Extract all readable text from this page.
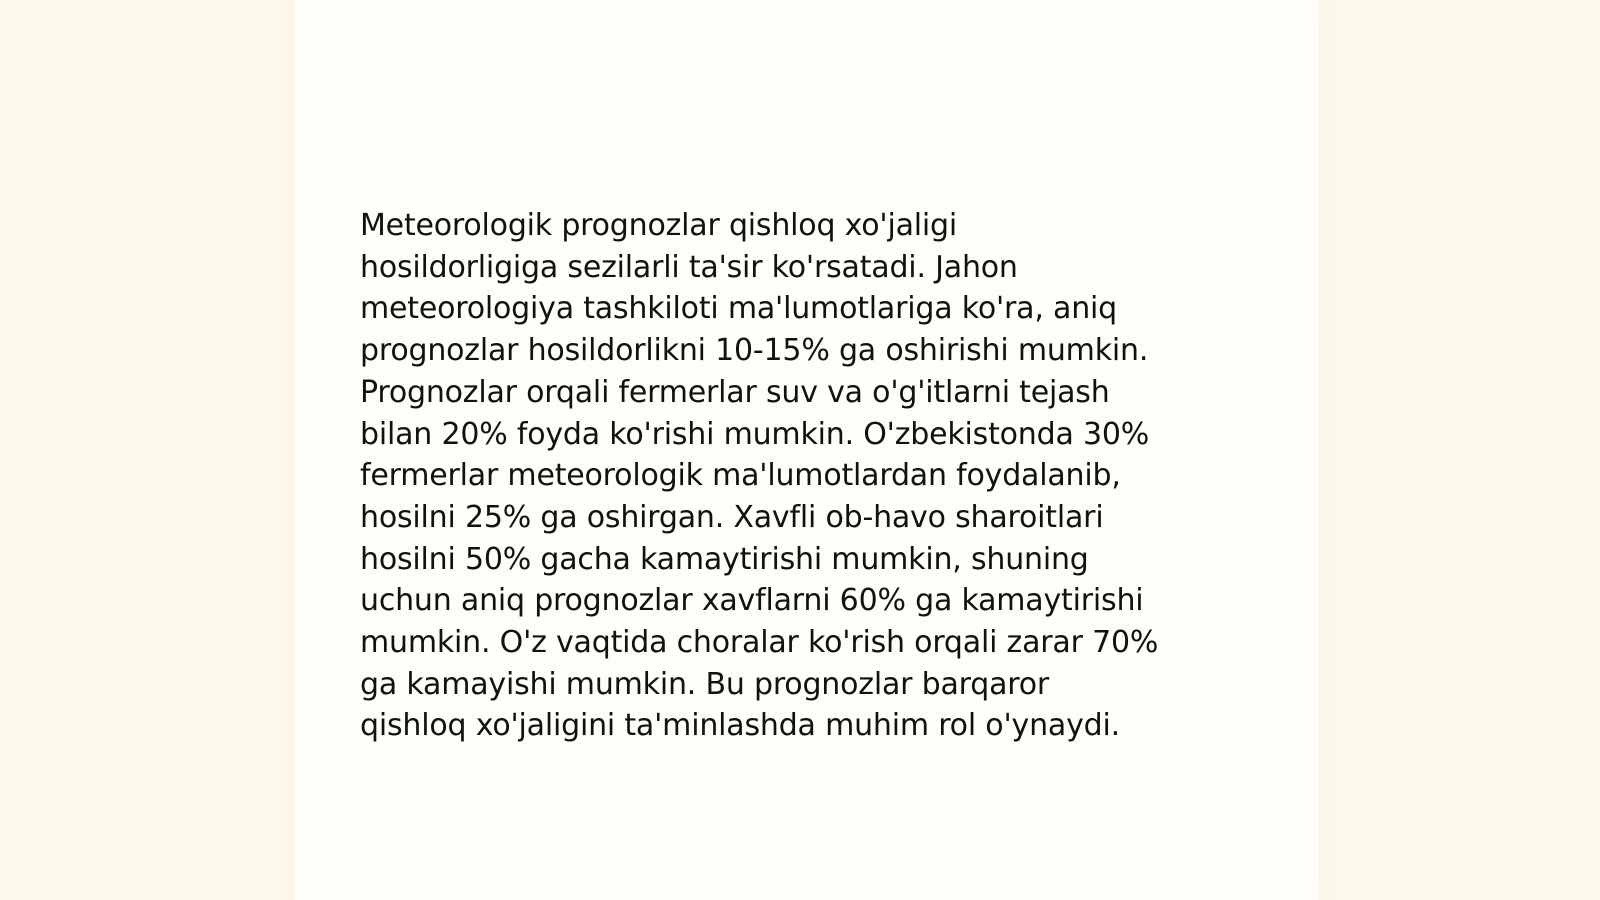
Meteorologik prognozlar qishloq xo'jaligi
hosildorligiga sezilarli ta'sir ko'rsatadi. Jahon
meteorologiya tashkiloti ma'lumotlariga ko'ra, aniq
prognozlar hosildorlikni 10-15% ga oshirishi mumkin.
Prognozlar orqali fermerlar suv va o'g'itlarni tejash
bilan 20% foyda ko'rishi mumkin. O'zbekistonda 30%
fermerlar meteorologik ma'lumotlardan foydalanib,
hosilni 25% ga oshirgan. Xavfli ob-havo sharoitlari
hosilni 50% gacha kamaytirishi mumkin, shuning
uchun aniq prognozlar xavflarni 60% ga kamaytirishi
mumkin. O'z vaqtida choralar ko'rish orqali zarar 70%
ga kamayishi mumkin. Bu prognozlar barqaror
qishloq xo'jaligini ta'minlashda muhim rol o'ynaydi.
